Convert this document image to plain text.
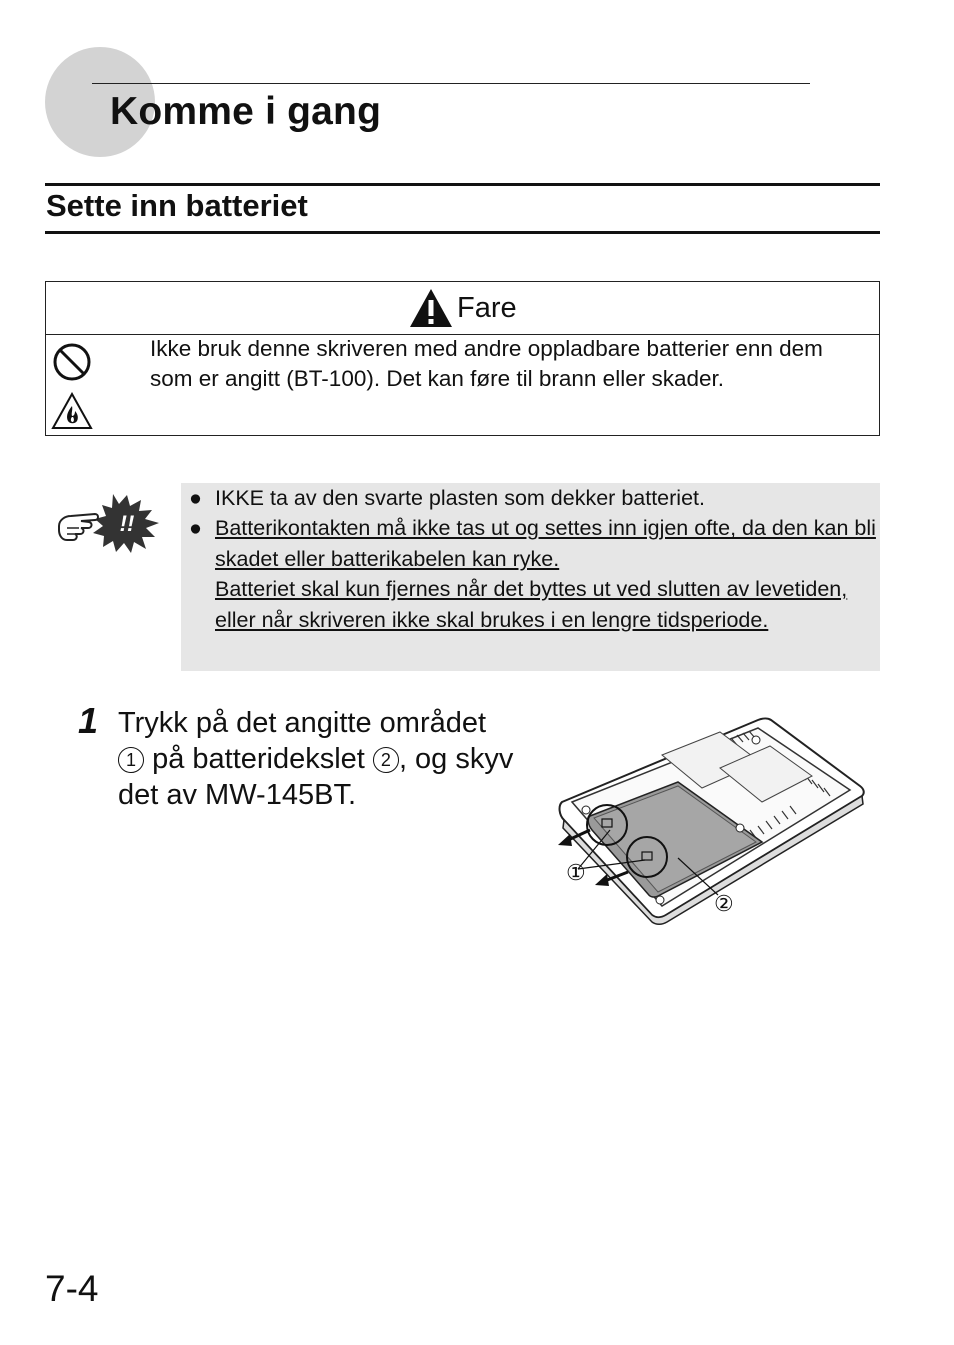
Komme i gang
Sette inn batteriet
Fare
Ikke bruk denne skriveren med andre oppladbare batterier enn dem som er angitt (BT-100). Det kan føre til brann eller skader.
!!
● IKKE ta av den svarte plasten som dekker batteriet.
● Batterikontakten må ikke tas ut og settes inn igjen ofte, da den kan bli skadet eller batterikabelen kan ryke.
Batteriet skal kun fjernes når det byttes ut ved slutten av levetiden, eller når skriveren ikke skal brukes i en lengre tidsperiode.
1 Trykk på det angitte området
1 på batteridekslet 2 , og skyv det av MW-145BT.
①
②
7-4
